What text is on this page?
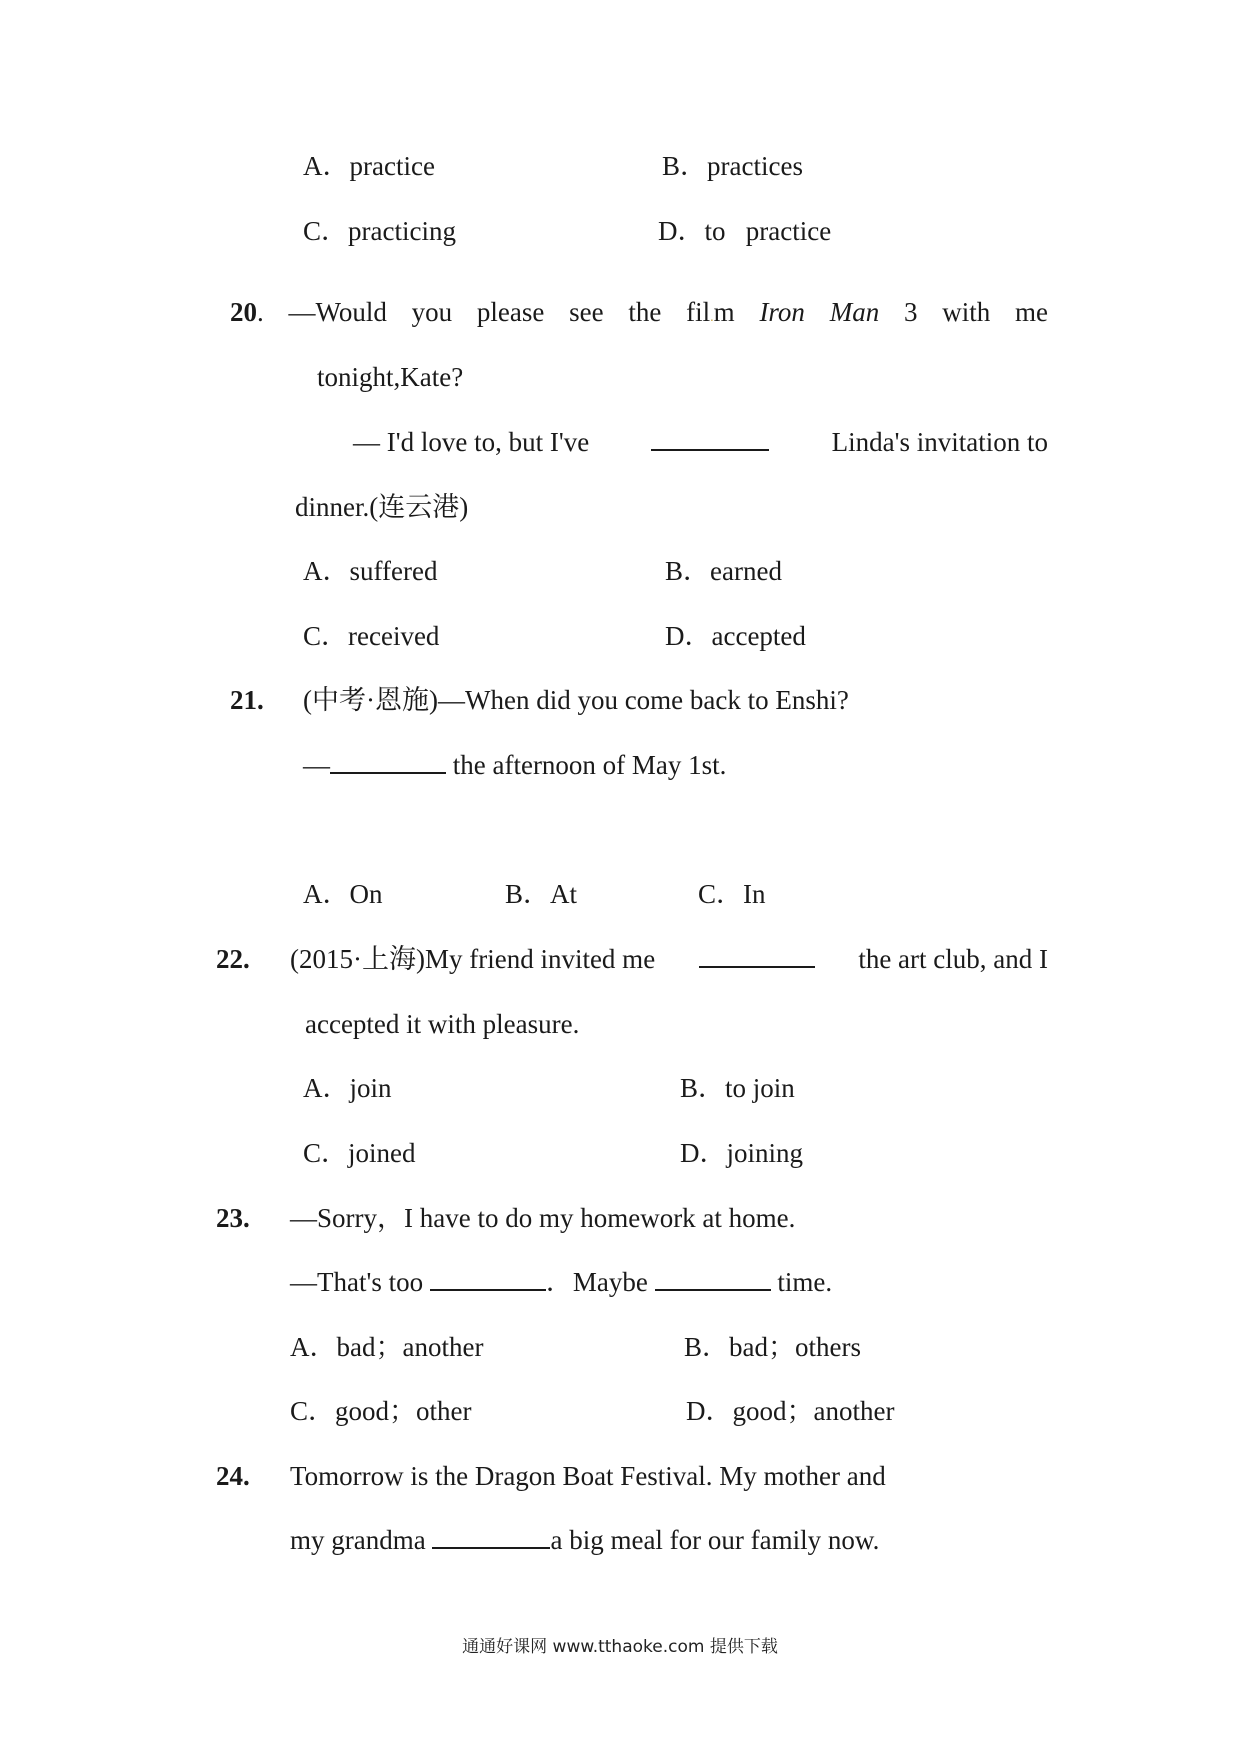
A．practice	B．practices
C．practicing	D．to   practice
20. —Would you please see the fil.m Iron Man 3 with me
tonight,Kate?
— I'd love to, but I've	Linda's invitation to
dinner.(连云港)
A．suffered	B．earned
C．received	D．accepted
21. (中考·恩施)—When did you come back to Enshi?
—	the afternoon of May 1st.
A．On	B．At	C．In
22. (2015·上海)My friend invited me	the art club, and I
accepted it with pleasure.
A．join	B．to join
C．joined	D．joining
23. —Sorry，I have to do my homework at home.
—That's too	．Maybe	time.
A．bad；another	B．bad；others
C．good；other	D．good；another
24. Tomorrow is the Dragon Boat Festival. My mother and
my grandma	a big meal for our family now.
通通好课网 www.tthaoke.com 提供下载
